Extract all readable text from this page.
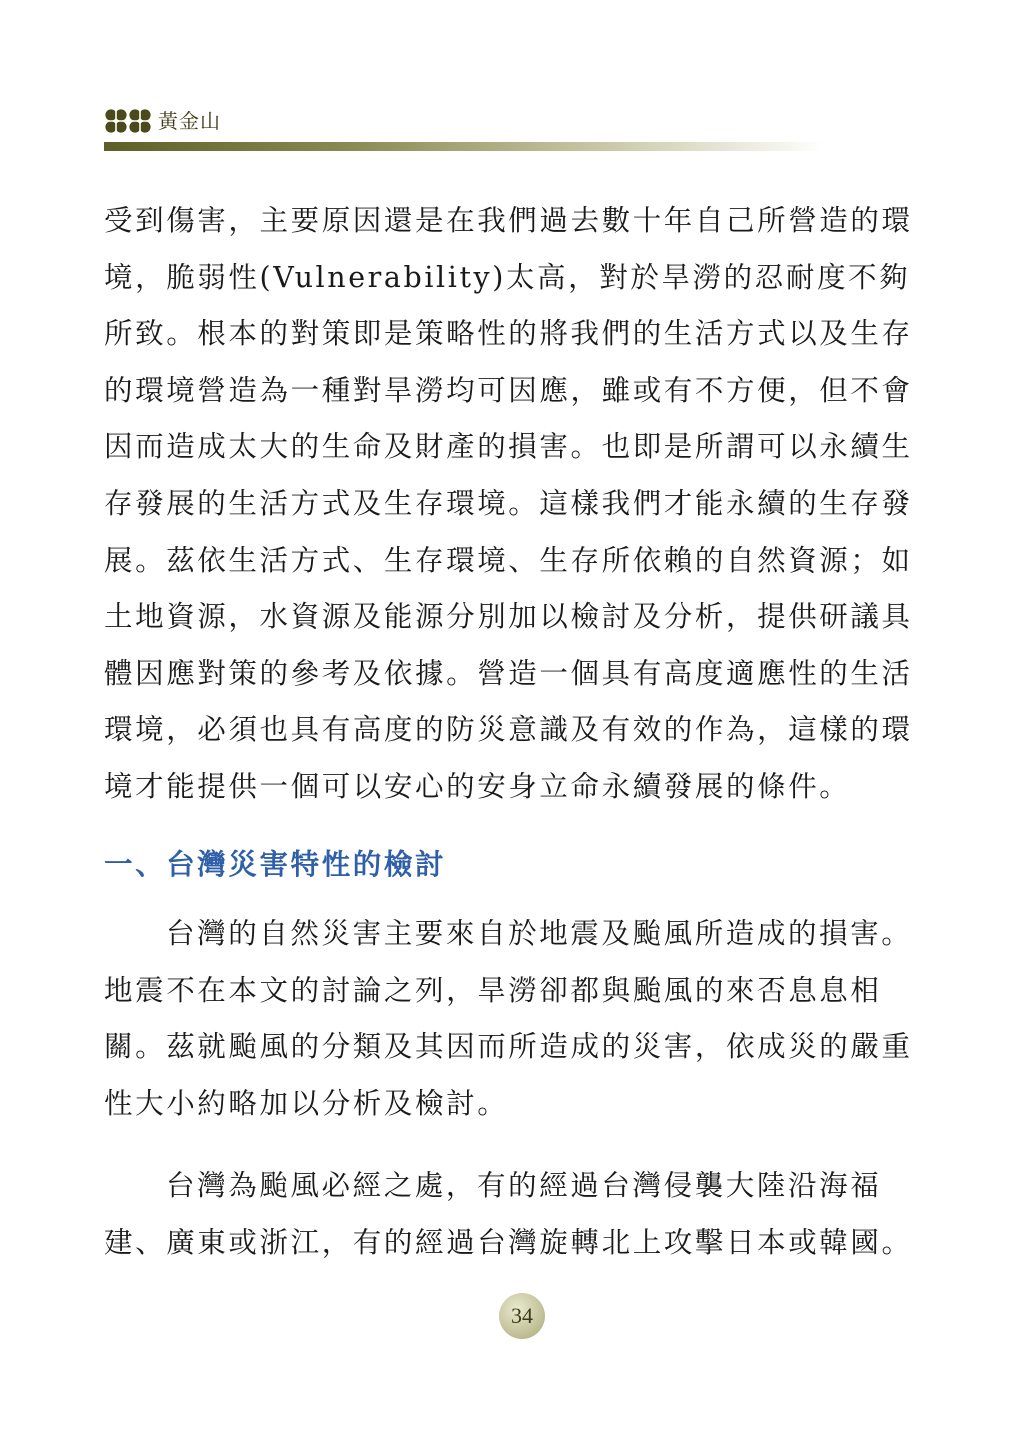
黃金山
受到傷害，主要原因還是在我們過去數十年自己所營造的環
境，脆弱性(Vulnerability)太高，對於旱澇的忍耐度不夠
所致。根本的對策即是策略性的將我們的生活方式以及生存
的環境營造為一種對旱澇均可因應，雖或有不方便，但不會
因而造成太大的生命及財產的損害。也即是所謂可以永續生
存發展的生活方式及生存環境。這樣我們才能永續的生存發
展。茲依生活方式、生存環境、生存所依賴的自然資源；如
土地資源，水資源及能源分別加以檢討及分析，提供研議具
體因應對策的參考及依據。營造一個具有高度適應性的生活
環境，必須也具有高度的防災意識及有效的作為，這樣的環
境才能提供一個可以安心的安身立命永續發展的條件。
一、台灣災害特性的檢討
台灣的自然災害主要來自於地震及颱風所造成的損害。
地震不在本文的討論之列，旱澇卻都與颱風的來否息息相
關。茲就颱風的分類及其因而所造成的災害，依成災的嚴重
性大小約略加以分析及檢討。
台灣為颱風必經之處，有的經過台灣侵襲大陸沿海福
建、廣東或浙江，有的經過台灣旋轉北上攻擊日本或韓國。
34
